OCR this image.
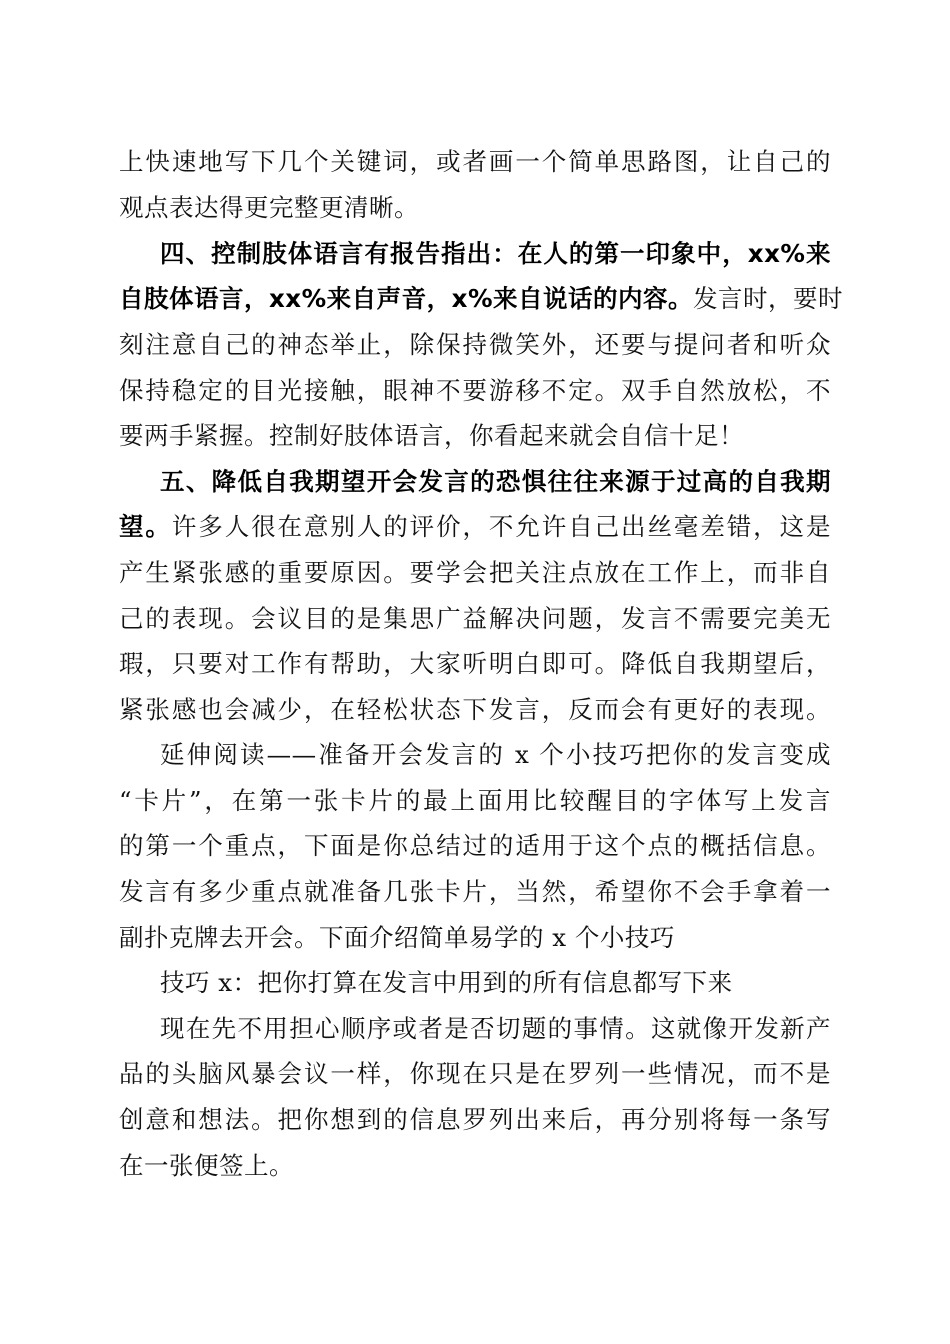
上快速地写下几个关键词，或者画一个简单思路图，让自己的
观点表达得更完整更清晰。
四、控制肢体语言有报告指出：在人的第一印象中，xx%来
自肢体语言，xx%来自声音，x%来自说话的内容。发言时，要时
刻注意自己的神态举止，除保持微笑外，还要与提问者和听众
保持稳定的目光接触，眼神不要游移不定。双手自然放松，不
要两手紧握。控制好肢体语言，你看起来就会自信十足！
五、降低自我期望开会发言的恐惧往往来源于过高的自我期
望。许多人很在意别人的评价，不允许自己出丝毫差错，这是
产生紧张感的重要原因。要学会把关注点放在工作上，而非自
己的表现。会议目的是集思广益解决问题，发言不需要完美无
瑕，只要对工作有帮助，大家听明白即可。降低自我期望后，
紧张感也会减少，在轻松状态下发言，反而会有更好的表现。
延伸阅读——准备开会发言的 x 个小技巧把你的发言变成
“卡片”，在第一张卡片的最上面用比较醒目的字体写上发言
的第一个重点，下面是你总结过的适用于这个点的概括信息。
发言有多少重点就准备几张卡片，当然，希望你不会手拿着一
副扑克牌去开会。下面介绍简单易学的 x 个小技巧
技巧 x：把你打算在发言中用到的所有信息都写下来
现在先不用担心顺序或者是否切题的事情。这就像开发新产
品的头脑风暴会议一样，你现在只是在罗列一些情况，而不是
创意和想法。把你想到的信息罗列出来后，再分别将每一条写
在一张便签上。
